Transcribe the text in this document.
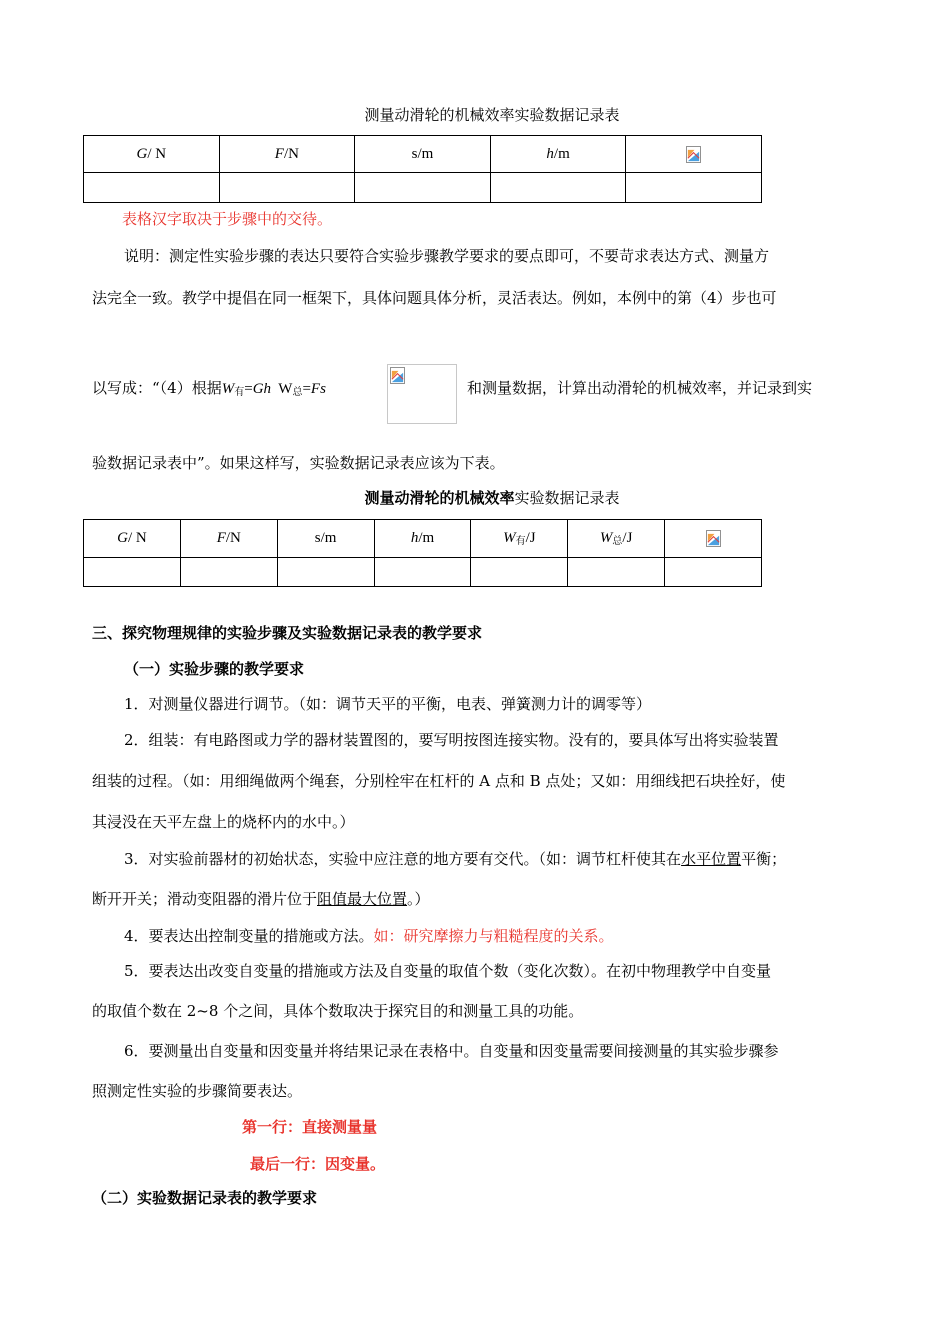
测量动滑轮的机械效率实验数据记录表
G/ N	F/N	s/m	h/m	

表格汉字取决于步骤中的交待。
说明：测定性实验步骤的表达只要符合实验步骤教学要求的要点即可，不要苛求表达方式、测量方
法完全一致。教学中提倡在同一框架下，具体问题具体分析，灵活表达。例如，本例中的第（4）步也可
以写成：“（4）根据$W_有=Gh$ $W_总=Fs$	和测量数据，计算出动滑轮的机械效率，并记录到实
验数据记录表中”。如果这样写，实验数据记录表应该为下表。
测量动滑轮的机械效率实验数据记录表
G/ N	F/N	s/m	h/m	$W_有/J$	$W_总/J$	

三、探究物理规律的实验步骤及实验数据记录表的教学要求
（一）实验步骤的教学要求
1．对测量仪器进行调节。（如：调节天平的平衡，电表、弹簧测力计的调零等）
2．组装：有电路图或力学的器材装置图的，要写明按图连接实物。没有的，要具体写出将实验装置
组装的过程。（如：用细绳做两个绳套，分别栓牢在杠杆的 A 点和 B 点处；又如：用细线把石块拴好，使
其浸没在天平左盘上的烧杯内的水中。）
3．对实验前器材的初始状态，实验中应注意的地方要有交代。（如：调节杠杆使其在水平位置平衡；
断开开关；滑动变阻器的滑片位于阻值最大位置。）
4．要表达出控制变量的措施或方法。如：研究摩擦力与粗糙程度的关系。
5．要表达出改变自变量的措施或方法及自变量的取值个数（变化次数）。在初中物理教学中自变量
的取值个数在 2~8 个之间，具体个数取决于探究目的和测量工具的功能。
6．要测量出自变量和因变量并将结果记录在表格中。自变量和因变量需要间接测量的其实验步骤参
照测定性实验的步骤简要表达。
第一行：直接测量量
最后一行：因变量。
（二）实验数据记录表的教学要求
